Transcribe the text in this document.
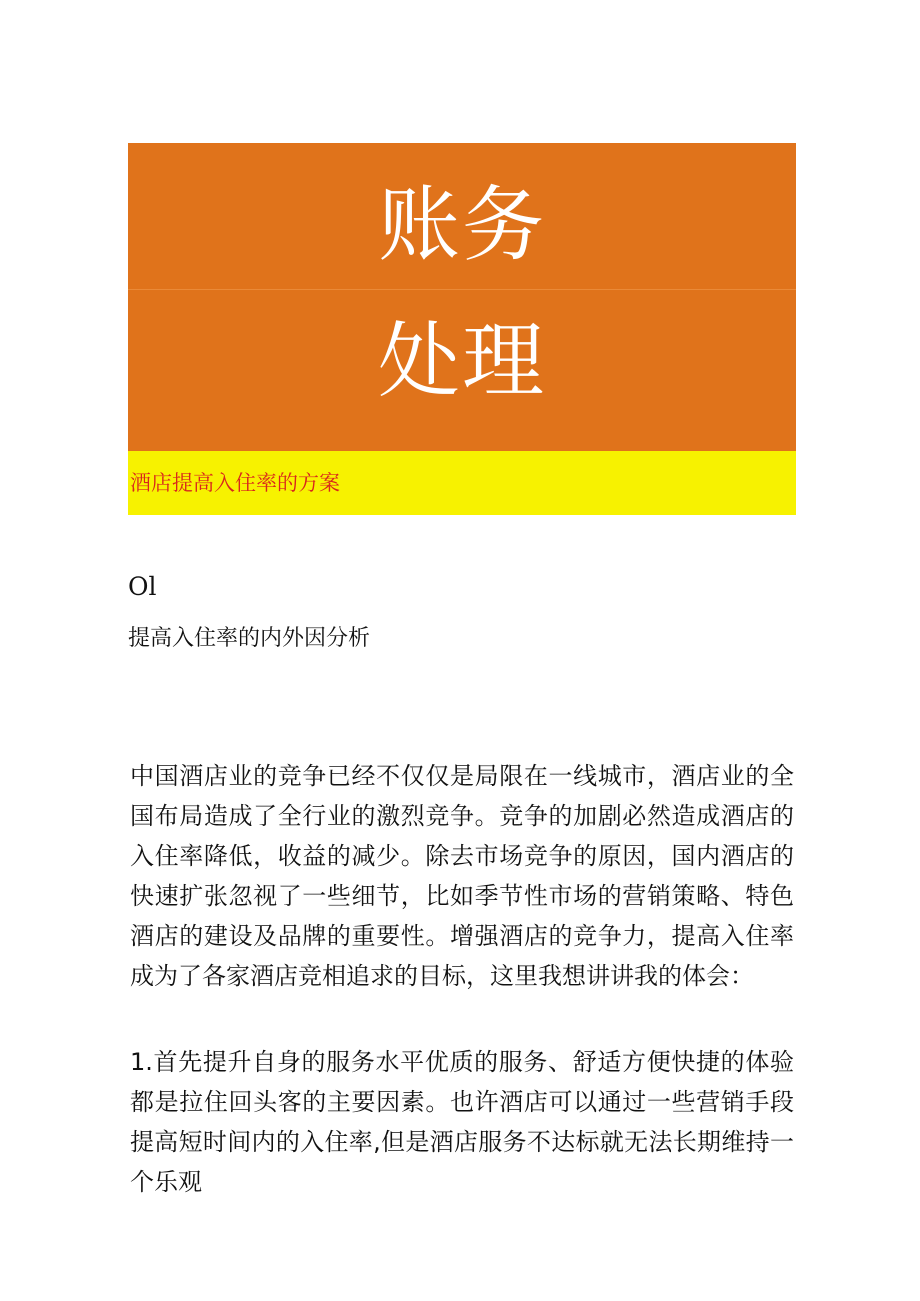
账务
处理
酒店提高入住率的方案
Ol
提高入住率的内外因分析
中国酒店业的竞争已经不仅仅是局限在一线城市，酒店业的全国布局造成了全行业的激烈竞争。竞争的加剧必然造成酒店的入住率降低，收益的减少。除去市场竞争的原因，国内酒店的快速扩张忽视了一些细节，比如季节性市场的营销策略、特色酒店的建设及品牌的重要性。增强酒店的竞争力，提高入住率成为了各家酒店竞相追求的目标，这里我想讲讲我的体会：
1.首先提升自身的服务水平优质的服务、舒适方便快捷的体验都是拉住回头客的主要因素。也许酒店可以通过一些营销手段提高短时间内的入住率,但是酒店服务不达标就无法长期维持一个乐观
